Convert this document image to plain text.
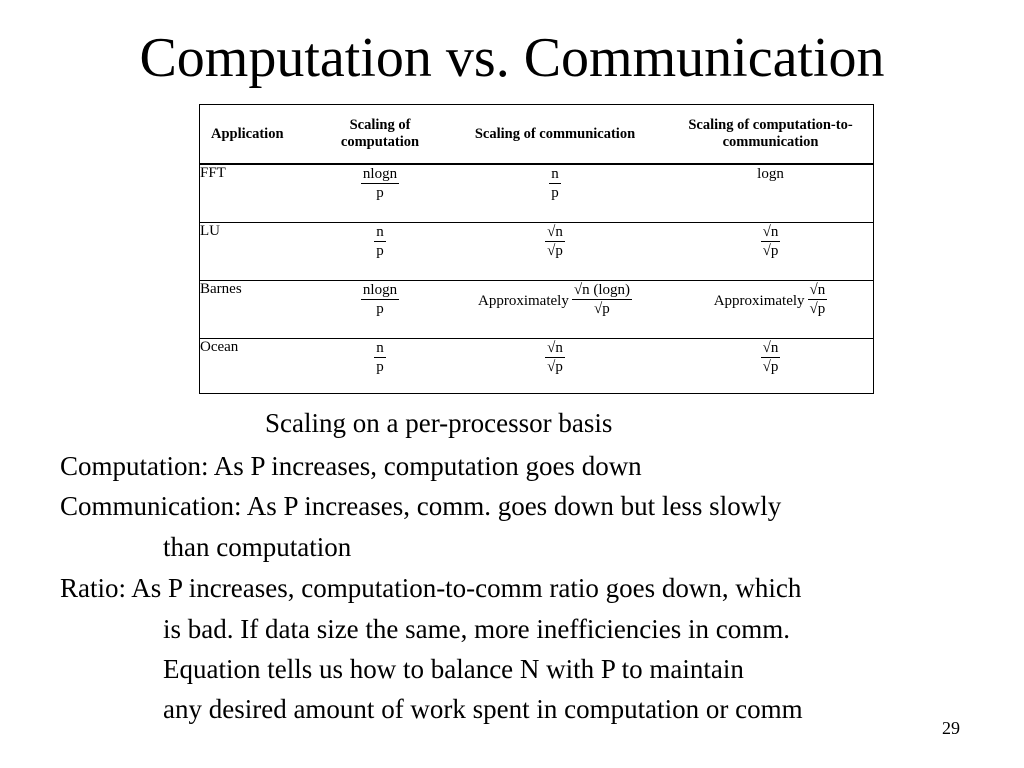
Computation vs. Communication
Application	Scaling of computation	Scaling of communication	Scaling of computation-to-communication
FFT	$\frac{nlogn}{p}$	$\frac{n}{p}$	logn
LU	$\frac{n}{p}$	$\frac{√n}{√p}$	$\frac{√n}{√p}$

Barnes	$\frac{nlogn}{p}$	Approximately $\frac{√n (\log n)}{√p}$	Approximately $\frac{√n}{√p}$

Ocean	$\frac{n}{p}$	$\frac{√n}{√p}$	$\frac{√n}{√p}$
Scaling on a per-processor basis
Computation: As P increases, computation goes down
Communication: As P increases, comm. goes down but less slowly
than computation
Ratio: As P increases, computation-to-comm ratio goes down, which
is bad. If data size the same, more inefficiencies in comm.
Equation tells us how to balance N with P to maintain
any desired amount of work spent in computation or comm
29
